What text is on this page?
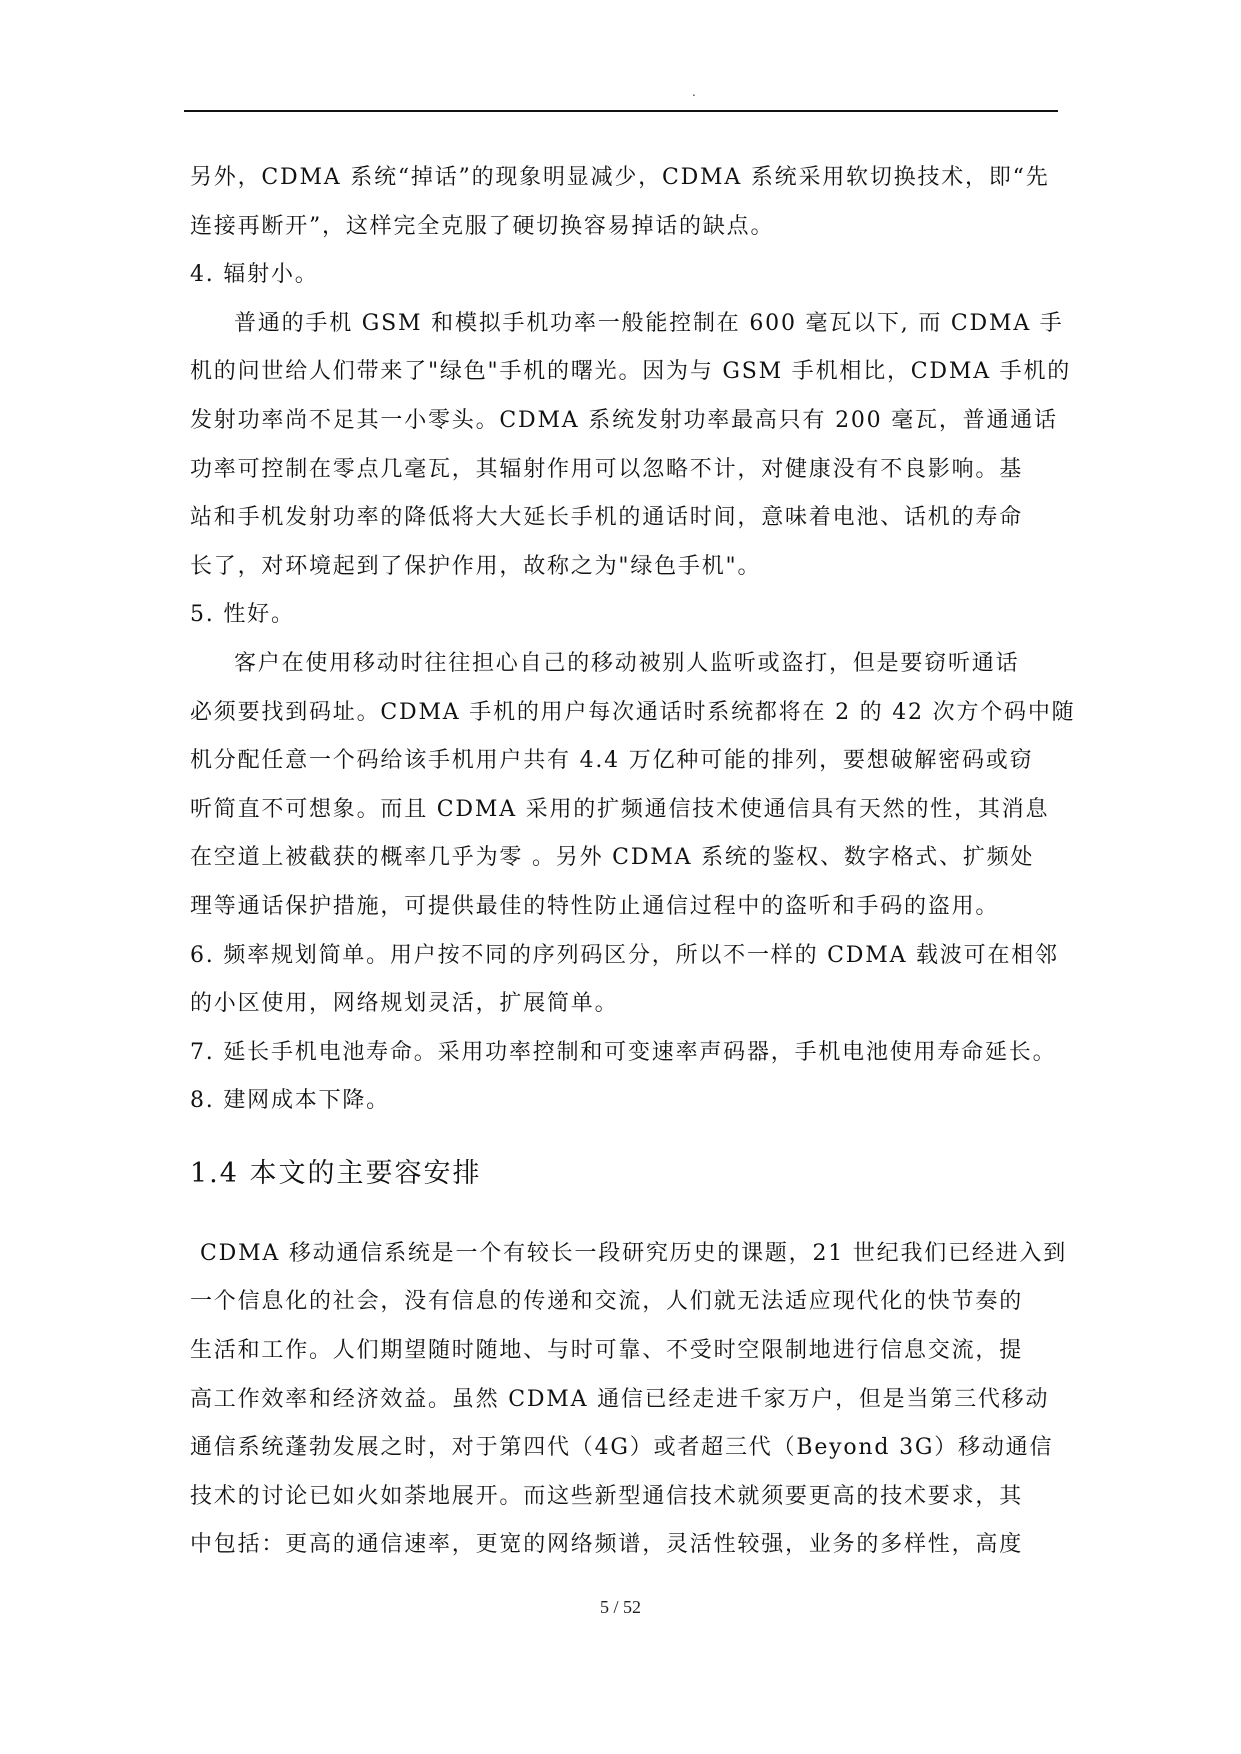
.
另外，CDMA 系统“掉话”的现象明显减少，CDMA 系统采用软切换技术，即“先
连接再断开”，这样完全克服了硬切换容易掉话的缺点。
4. 辐射小。
普通的手机 GSM 和模拟手机功率一般能控制在 600 毫瓦以下, 而 CDMA 手
机的问世给人们带来了"绿色"手机的曙光。因为与 GSM 手机相比，CDMA 手机的
发射功率尚不足其一小零头。CDMA 系统发射功率最高只有 200 毫瓦，普通通话
功率可控制在零点几毫瓦，其辐射作用可以忽略不计，对健康没有不良影响。基
站和手机发射功率的降低将大大延长手机的通话时间，意味着电池、话机的寿命
长了，对环境起到了保护作用，故称之为"绿色手机"。
5. 性好。
客户在使用移动时往往担心自己的移动被别人监听或盗打，但是要窃听通话
必须要找到码址。CDMA 手机的用户每次通话时系统都将在 2 的 42 次方个码中随
机分配任意一个码给该手机用户共有 4.4 万亿种可能的排列，要想破解密码或窃
听简直不可想象。而且 CDMA 采用的扩频通信技术使通信具有天然的性，其消息
在空道上被截获的概率几乎为零 。另外 CDMA 系统的鉴权、数字格式、扩频处
理等通话保护措施，可提供最佳的特性防止通信过程中的盗听和手码的盗用。
6. 频率规划简单。用户按不同的序列码区分，所以不一样的 CDMA 载波可在相邻
的小区使用，网络规划灵活，扩展简单。
7. 延长手机电池寿命。采用功率控制和可变速率声码器，手机电池使用寿命延长。
8. 建网成本下降。
1.4 本文的主要容安排
CDMA 移动通信系统是一个有较长一段研究历史的课题，21 世纪我们已经进入到
一个信息化的社会，没有信息的传递和交流，人们就无法适应现代化的快节奏的
生活和工作。人们期望随时随地、与时可靠、不受时空限制地进行信息交流，提
高工作效率和经济效益。虽然 CDMA 通信已经走进千家万户，但是当第三代移动
通信系统蓬勃发展之时，对于第四代（4G）或者超三代（Beyond 3G）移动通信
技术的讨论已如火如荼地展开。而这些新型通信技术就须要更高的技术要求，其
中包括：更高的通信速率，更宽的网络频谱，灵活性较强，业务的多样性，高度
5 / 52
